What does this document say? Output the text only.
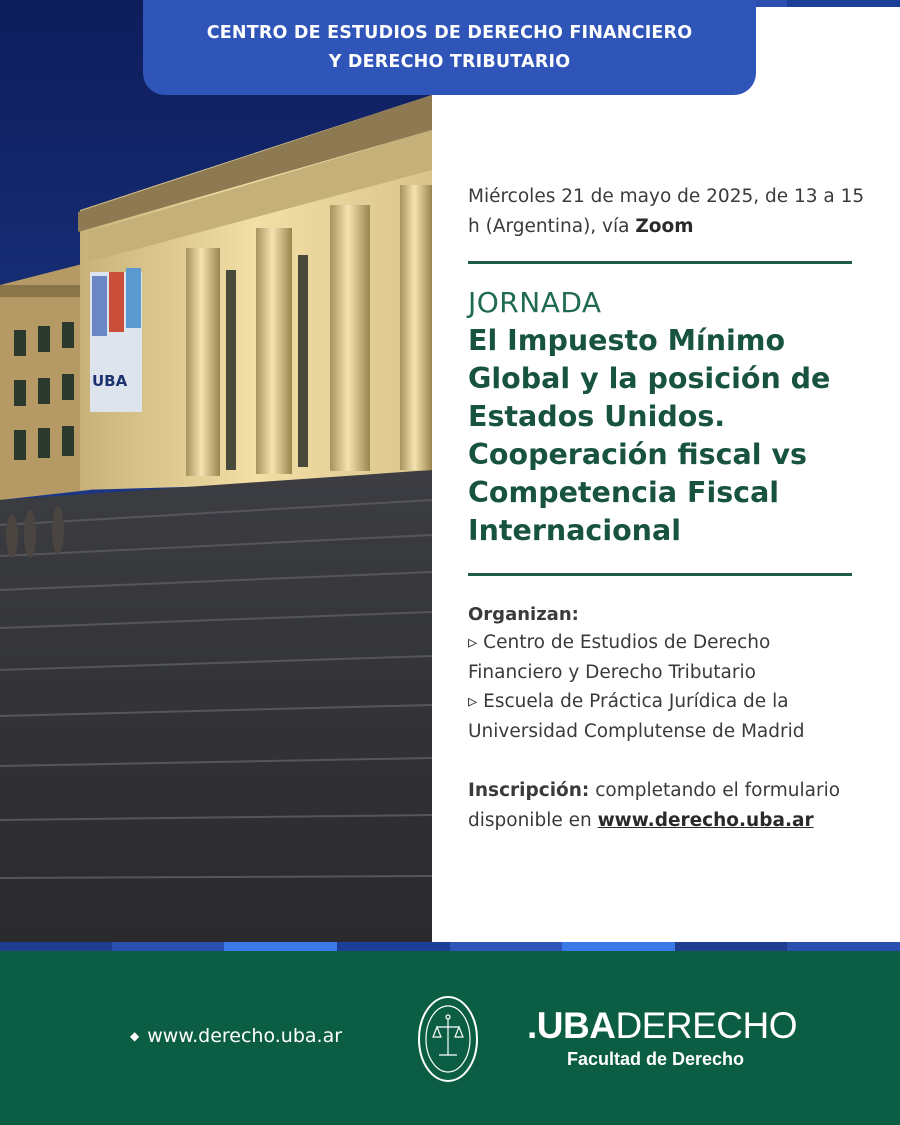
UBA
CENTRO DE ESTUDIOS DE DERECHO FINANCIERO
Y DERECHO TRIBUTARIO
Miércoles 21 de mayo de 2025, de 13 a 15 h (Argentina), vía Zoom
JORNADA
El Impuesto Mínimo Global y la posición de Estados Unidos. Cooperación fiscal vs Competencia Fiscal Internacional
Organizan:
▹ Centro de Estudios de Derecho Financiero y Derecho Tributario
▹ Escuela de Práctica Jurídica de la Universidad Complutense de Madrid
Inscripción: completando el formulario disponible en www.derecho.uba.ar
◆ www.derecho.uba.ar	.UBADERECHO
Facultad de Derecho
